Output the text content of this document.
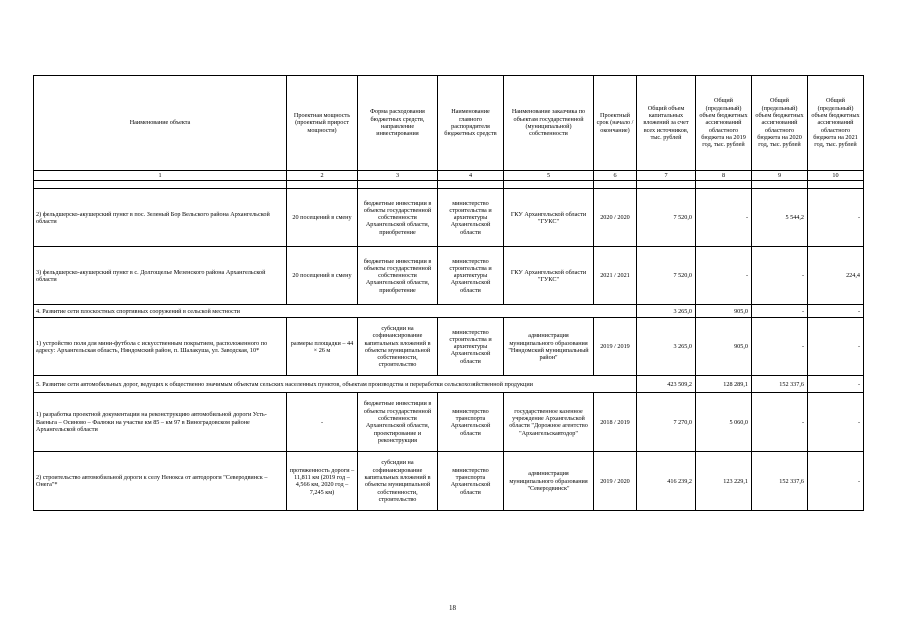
Наименование объекта	Проектная мощность (проектный прирост мощности)	Форма расходования бюджетных средств, направление инвестирования	Наименование главного распорядителя бюджетных средств	Наименование заказчика по объектам государственной (муниципальной) собственности	Проектный срок (начало / окончание)	Общий объем капитальных вложений за счет всех источников, тыс. рублей	Общий (предельный) объем бюджетных ассигнований областного бюджета на 2019 год, тыс. рублей	Общий (предельный) объем бюджетных ассигнований областного бюджета на 2020 год, тыс. рублей	Общий (предельный) объем бюджетных ассигнований областного бюджета на 2021 год, тыс. рублей
1	2	3	4	5	6	7	8	9	10

2) фельдшерско-акушерский пункт в пос. Зеленый Бор Вельского района Архангельской области	20 посещений в смену	бюджетные инвестиции в объекты государственной собственности Архангельской области, приобретение	министерство строительства и архитектуры Архангельской области	ГКУ Архангельской области "ГУКС"	2020 / 2020	7 520,0	-	5 544,2	-
3) фельдшерско-акушерский пункт в с. Долгощелье Мезенского района Архангельской области	20 посещений в смену	бюджетные инвестиции в объекты государственной собственности Архангельской области, приобретение	министерство строительства и архитектуры Архангельской области	ГКУ Архангельской области "ГУКС"	2021 / 2021	7 520,0	-	-	224,4
4. Развитие сети плоскостных спортивных сооружений в сельской местности						3 265,0	905,0	-	-
1) устройство поля для мини-футбола с искусственным покрытием, расположенного по адресу: Архангельская область, Няндомский район, п. Шалакуша, ул. Заводская, 10*	размеры площадки – 44 × 26 м	субсидии на софинансирование капитальных вложений в объекты муниципальной собственности, строительство	министерство строительства и архитектуры Архангельской области	администрация муниципального образования "Няндомский муниципальный район"	2019 / 2019	3 265,0	905,0	-	-
5. Развитие сети автомобильных дорог, ведущих к общественно значимым объектам сельских населенных пунктов, объектам производства и переработки сельскохозяйственной продукции						423 509,2	128 289,1	152 337,6	-
1) разработка проектной документации на реконструкцию автомобильной дороги Усть-Ваеньга – Осиново – Фалюки на участке км 85 – км 97 в Виноградовском районе Архангельской области	-	бюджетные инвестиции в объекты государственной собственности Архангельской области, проектирование и реконструкция	министерство транспорта Архангельской области	государственное казенное учреждение Архангельской области "Дорожное агентство "Архангельскавтодор"	2018 / 2019	7 270,0	5 060,0	-	-
2) строительство автомобильной дороги к селу Ненокса от автодороги "Северодвинск – Онега"*	протяженность дороги – 11,811 км (2019 год – 4,566 км, 2020 год – 7,245 км)	субсидии на софинансирование капитальных вложений в объекты муниципальной собственности, строительство	министерство транспорта Архангельской области	администрация муниципального образования "Северодвинск"	2019 / 2020	416 239,2	123 229,1	152 337,6	-
18
